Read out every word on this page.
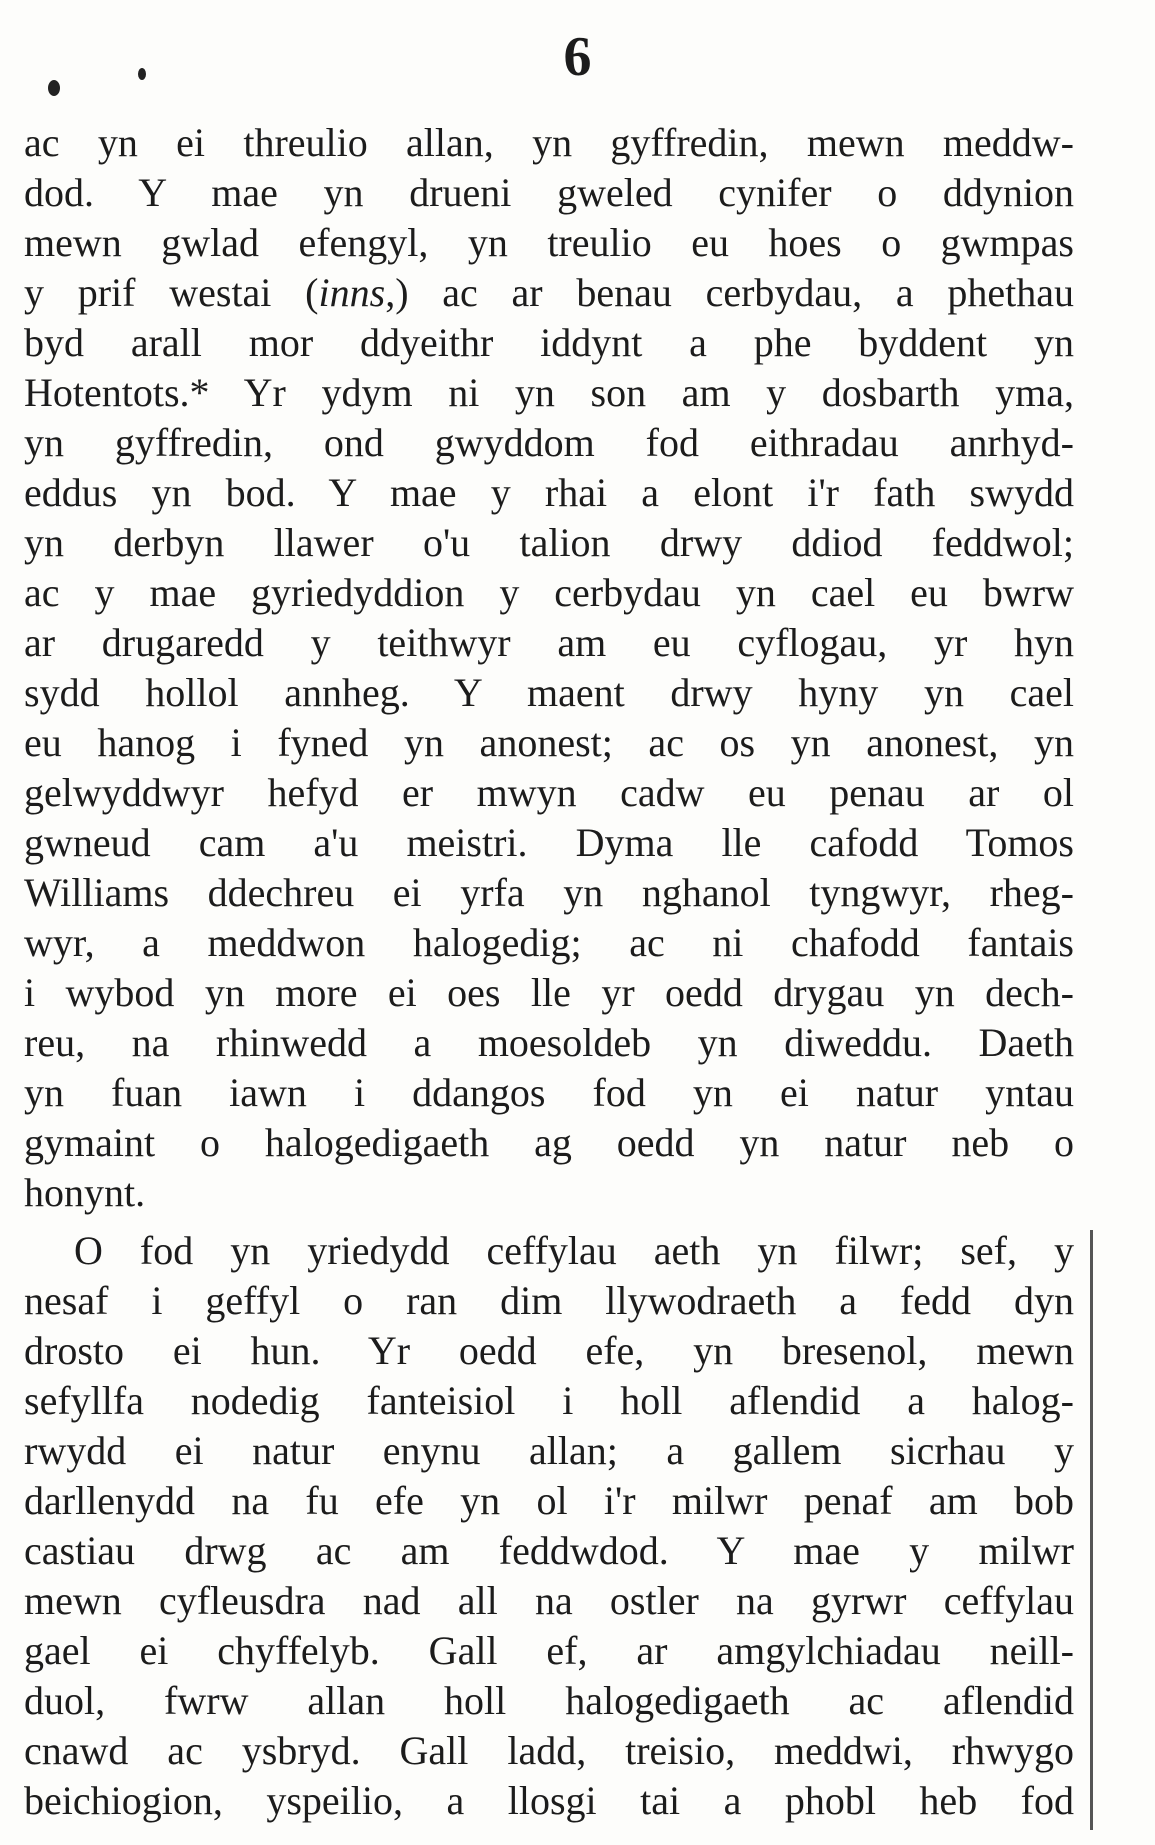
6
ac yn ei threulio allan, yn gyffredin, mewn meddw-
dod. Y mae yn drueni gweled cynifer o ddynion
mewn gwlad efengyl, yn treulio eu hoes o gwmpas
y prif westai (inns,) ac ar benau cerbydau, a phethau
byd arall mor ddyeithr iddynt a phe byddent yn
Hotentots.* Yr ydym ni yn son am y dosbarth yma,
yn gyffredin, ond gwyddom fod eithradau anrhyd-
eddus yn bod. Y mae y rhai a elont i'r fath swydd
yn derbyn llawer o'u talion drwy ddiod feddwol;
ac y mae gyriedyddion y cerbydau yn cael eu bwrw
ar drugaredd y teithwyr am eu cyflogau, yr hyn
sydd hollol annheg. Y maent drwy hyny yn cael
eu hanog i fyned yn anonest; ac os yn anonest, yn
gelwyddwyr hefyd er mwyn cadw eu penau ar ol
gwneud cam a'u meistri. Dyma lle cafodd Tomos
Williams ddechreu ei yrfa yn nghanol tyngwyr, rheg-
wyr, a meddwon halogedig; ac ni chafodd fantais
i wybod yn more ei oes lle yr oedd drygau yn dech-
reu, na rhinwedd a moesoldeb yn diweddu. Daeth
yn fuan iawn i ddangos fod yn ei natur yntau
gymaint o halogedigaeth ag oedd yn natur neb o
honynt.
O fod yn yriedydd ceffylau aeth yn filwr; sef, y
nesaf i geffyl o ran dim llywodraeth a fedd dyn
drosto ei hun. Yr oedd efe, yn bresenol, mewn
sefyllfa nodedig fanteisiol i holl aflendid a halog-
rwydd ei natur enynu allan; a gallem sicrhau y
darllenydd na fu efe yn ol i'r milwr penaf am bob
castiau drwg ac am feddwdod. Y mae y milwr
mewn cyfleusdra nad all na ostler na gyrwr ceffylau
gael ei chyffelyb. Gall ef, ar amgylchiadau neill-
duol, fwrw allan holl halogedigaeth ac aflendid
cnawd ac ysbryd. Gall ladd, treisio, meddwi, rhwygo
beichiogion, yspeilio, a llosgi tai a phobl heb fod
